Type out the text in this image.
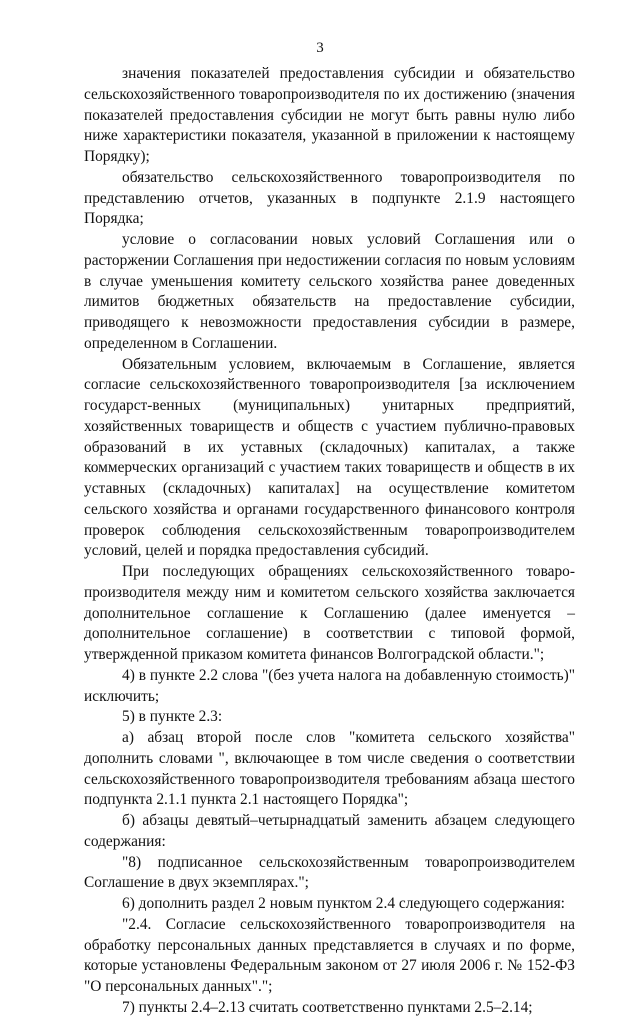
3

значения показателей предоставления субсидии и обязательство сельскохозяйственного товаропроизводителя по их достижению (значения показателей предоставления субсидии не могут быть равны нулю либо ниже характеристики показателя, указанной в приложении к настоящему Порядку);

обязательство сельскохозяйственного товаропроизводителя по представлению отчетов, указанных в подпункте 2.1.9 настоящего Порядка;

условие о согласовании новых условий Соглашения или о расторжении Соглашения при недостижении согласия по новым условиям в случае уменьшения комитету сельского хозяйства ранее доведенных лимитов бюджетных обязательств на предоставление субсидии, приводящего к невозможности предоставления субсидии в размере, определенном в Соглашении.

Обязательным условием, включаемым в Соглашение, является согласие сельскохозяйственного товаропроизводителя [за исключением государст-венных (муниципальных) унитарных предприятий, хозяйственных товариществ и обществ с участием публично-правовых образований в их уставных (складочных) капиталах, а также коммерческих организаций с участием таких товариществ и обществ в их уставных (складочных) капиталах] на осуществление комитетом сельского хозяйства и органами государственного финансового контроля проверок соблюдения сельскохозяйственным товаропроизводителем условий, целей и порядка предоставления субсидий.

При последующих обращениях сельскохозяйственного товаро-производителя между ним и комитетом сельского хозяйства заключается дополнительное соглашение к Соглашению (далее именуется – дополнительное соглашение) в соответствии с типовой формой, утвержденной приказом комитета финансов Волгоградской области.";

4) в пункте 2.2 слова "(без учета налога на добавленную стоимость)" исключить;

5) в пункте 2.3:

а) абзац второй после слов "комитета сельского хозяйства" дополнить словами ", включающее в том числе сведения о соответствии сельскохозяйственного товаропроизводителя требованиям абзаца шестого подпункта 2.1.1 пункта 2.1 настоящего Порядка";

б) абзацы девятый–четырнадцатый заменить абзацем следующего содержания:

"8) подписанное сельскохозяйственным товаропроизводителем Соглашение в двух экземплярах.";

6) дополнить раздел 2 новым пунктом 2.4 следующего содержания:

"2.4. Согласие сельскохозяйственного товаропроизводителя на обработку персональных данных представляется в случаях и по форме, которые установлены Федеральным законом от 27 июля 2006 г. № 152-ФЗ "О персональных данных".";

7) пункты 2.4–2.13 считать соответственно пунктами 2.5–2.14;
